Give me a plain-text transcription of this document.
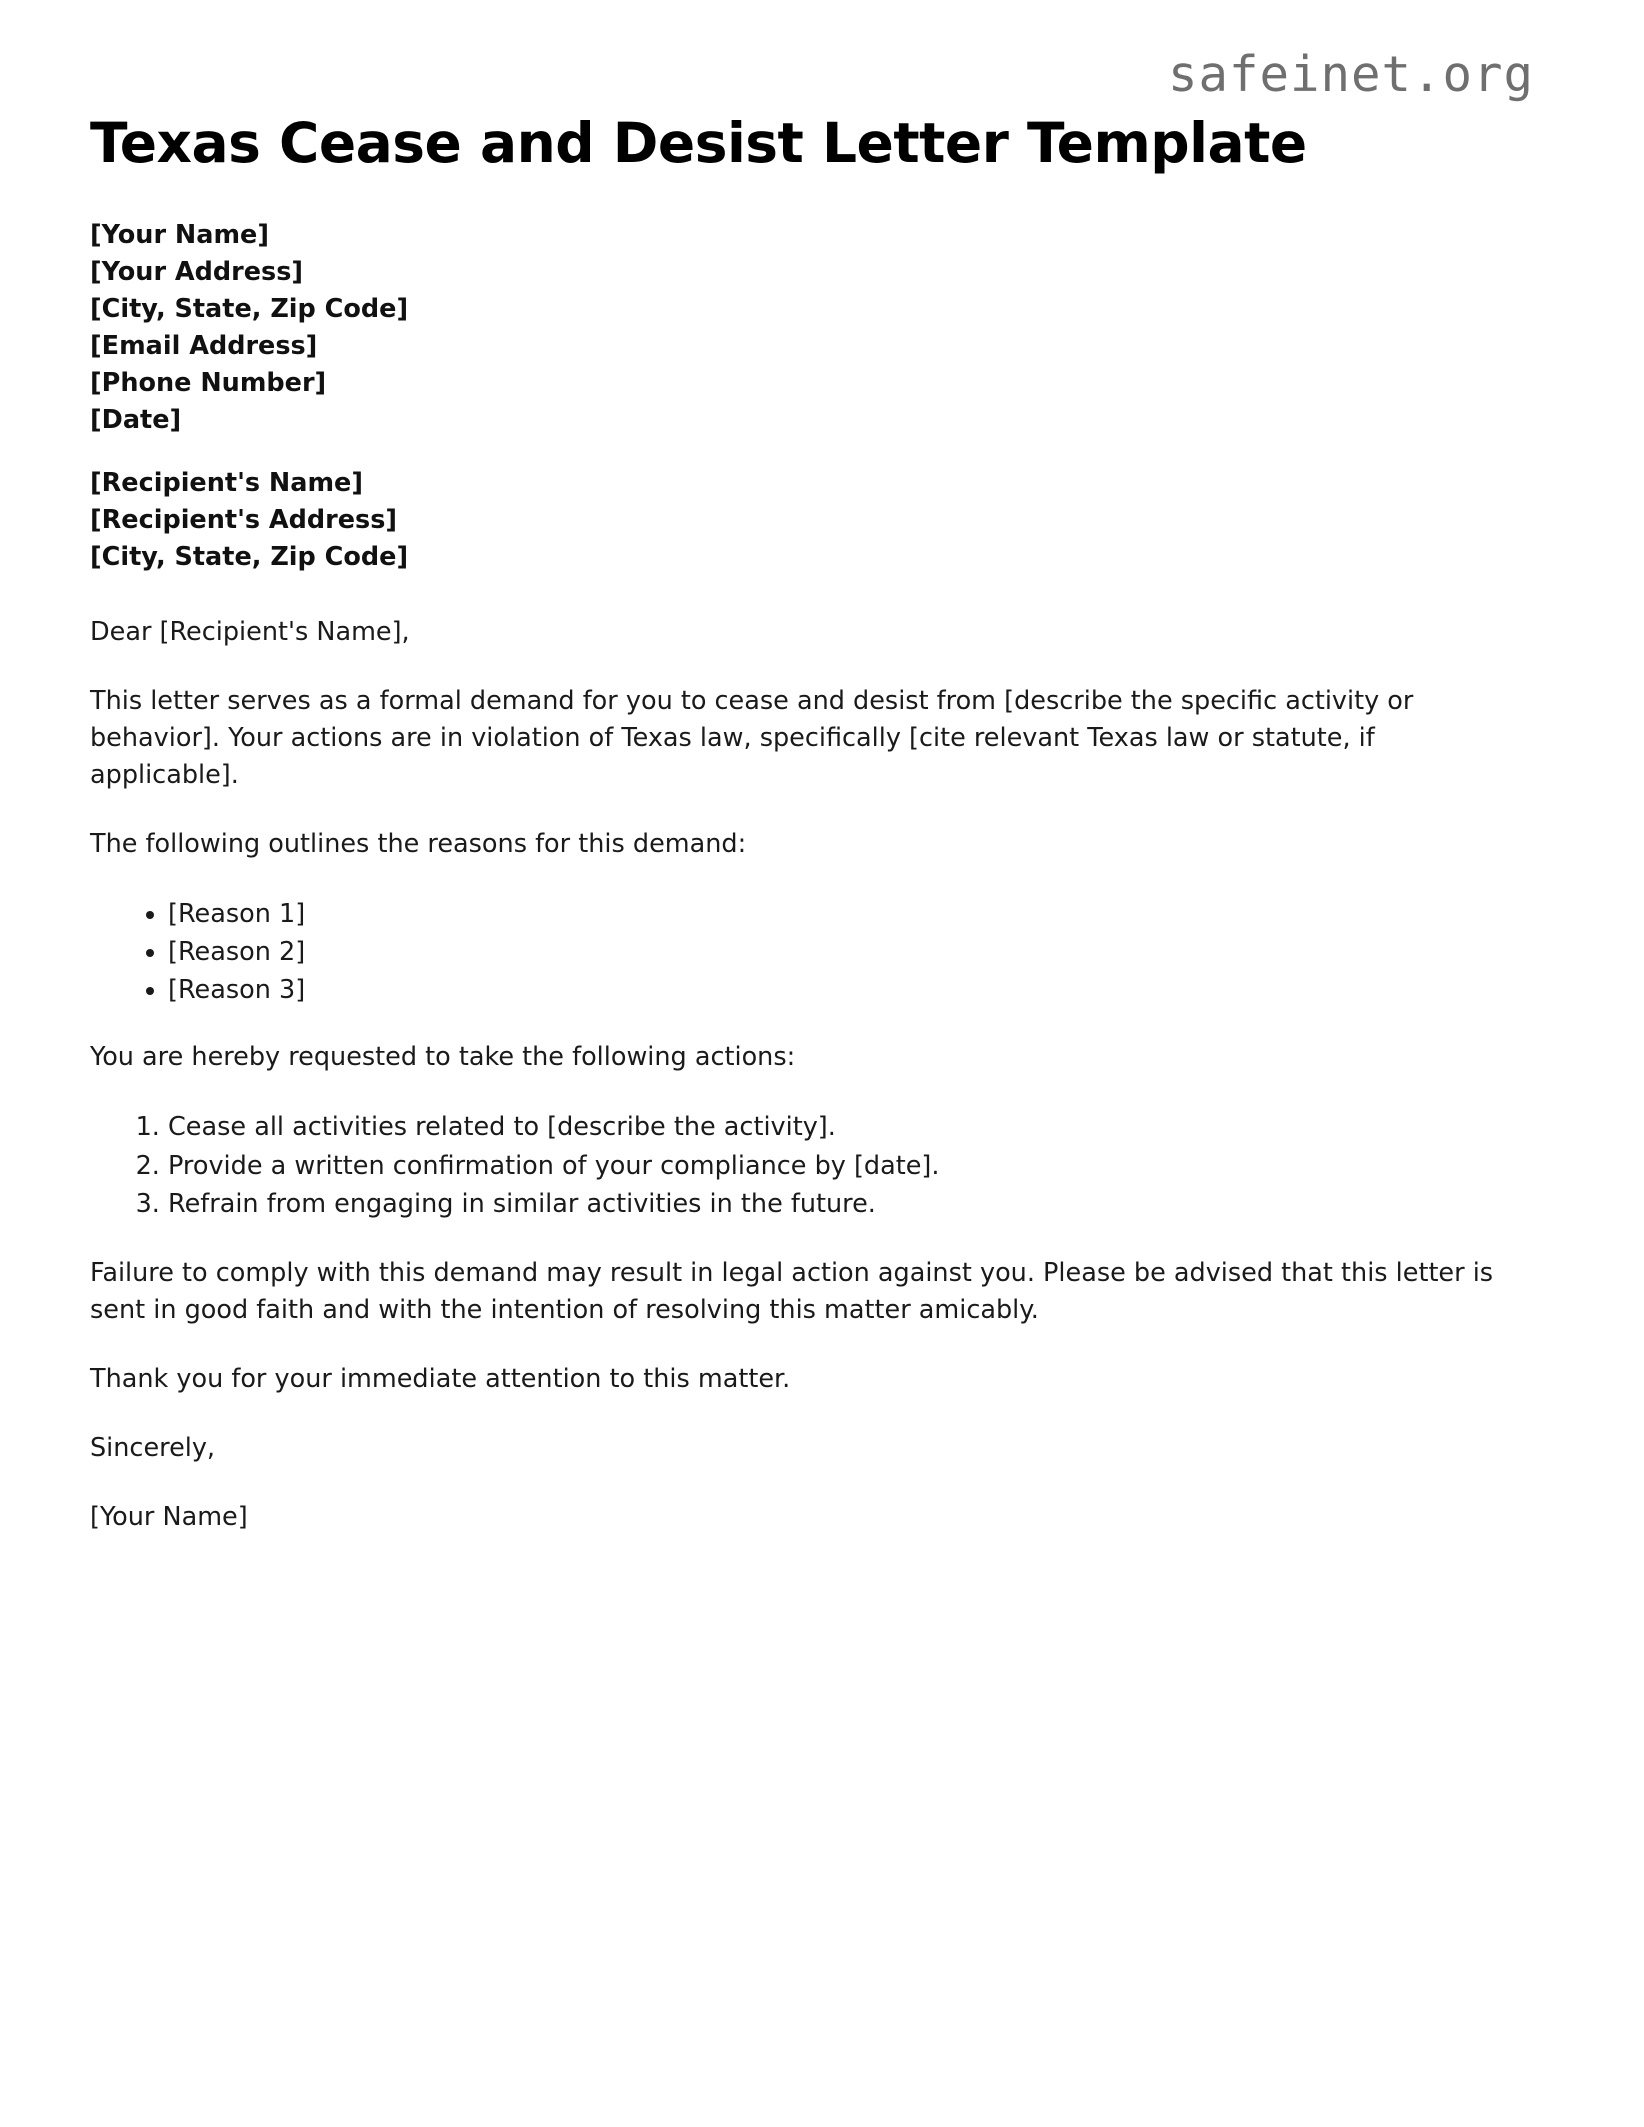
safeinet.org
Texas Cease and Desist Letter Template
[Your Name]
[Your Address]
[City, State, Zip Code]
[Email Address]
[Phone Number]
[Date]
[Recipient's Name]
[Recipient's Address]
[City, State, Zip Code]

Dear [Recipient's Name],

This letter serves as a formal demand for you to cease and desist from [describe the specific activity or behavior]. Your actions are in violation of Texas law, specifically [cite relevant Texas law or statute, if applicable].

The following outlines the reasons for this demand:

• [Reason 1]
• [Reason 2]
• [Reason 3]

You are hereby requested to take the following actions:

1. Cease all activities related to [describe the activity].
2. Provide a written confirmation of your compliance by [date].
3. Refrain from engaging in similar activities in the future.

Failure to comply with this demand may result in legal action against you. Please be advised that this letter is sent in good faith and with the intention of resolving this matter amicably.

Thank you for your immediate attention to this matter.

Sincerely,

[Your Name]
